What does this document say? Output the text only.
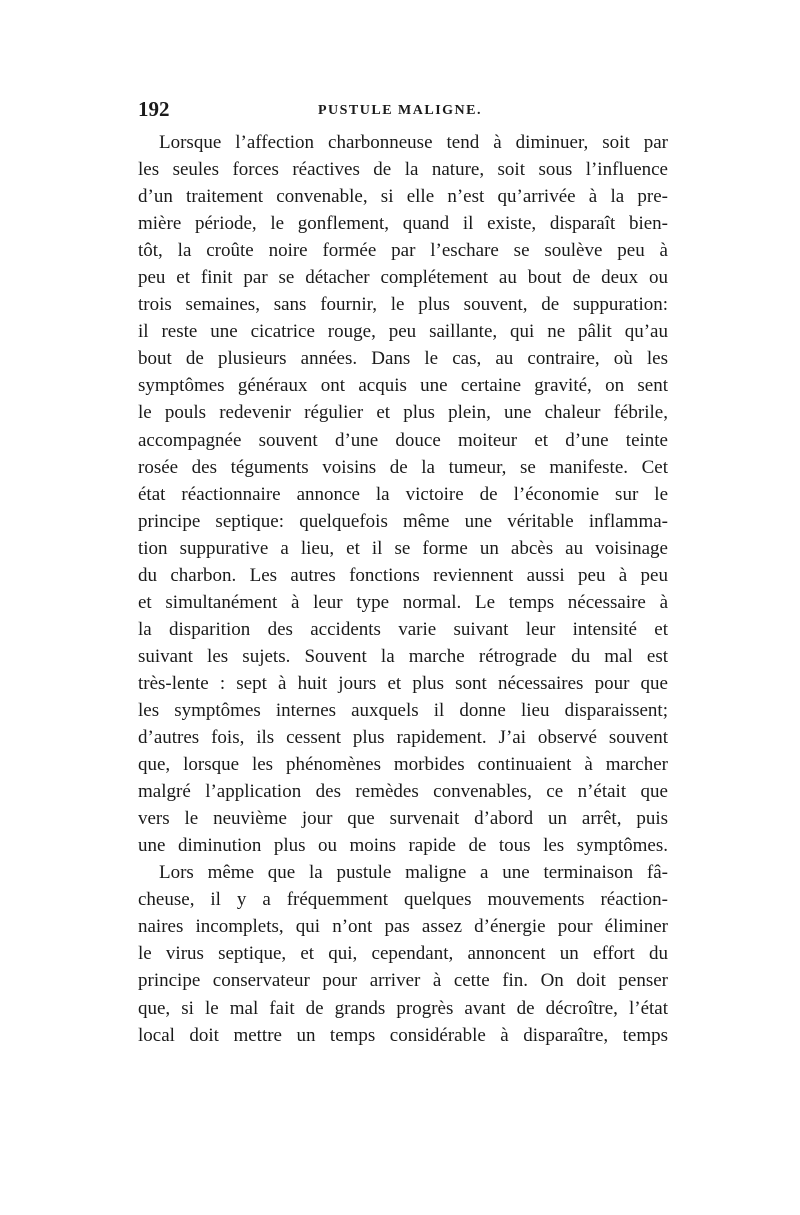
192	PUSTULE MALIGNE.
Lorsque l’affection charbonneuse tend à diminuer, soit par
les seules forces réactives de la nature, soit sous l’influence
d’un traitement convenable, si elle n’est qu’arrivée à la pre-
mière période, le gonflement, quand il existe, disparaît bien-
tôt, la croûte noire formée par l’eschare se soulève peu à
peu et finit par se détacher complétement au bout de deux ou
trois semaines, sans fournir, le plus souvent, de suppuration:
il reste une cicatrice rouge, peu saillante, qui ne pâlit qu’au
bout de plusieurs années. Dans le cas, au contraire, où les
symptômes généraux ont acquis une certaine gravité, on sent
le pouls redevenir régulier et plus plein, une chaleur fébrile,
accompagnée souvent d’une douce moiteur et d’une teinte
rosée des téguments voisins de la tumeur, se manifeste. Cet
état réactionnaire annonce la victoire de l’économie sur le
principe septique: quelquefois même une véritable inflamma-
tion suppurative a lieu, et il se forme un abcès au voisinage
du charbon. Les autres fonctions reviennent aussi peu à peu
et simultanément à leur type normal. Le temps nécessaire à
la disparition des accidents varie suivant leur intensité et
suivant les sujets. Souvent la marche rétrograde du mal est
très-lente : sept à huit jours et plus sont nécessaires pour que
les symptômes internes auxquels il donne lieu disparaissent;
d’autres fois, ils cessent plus rapidement. J’ai observé souvent
que, lorsque les phénomènes morbides continuaient à marcher
malgré l’application des remèdes convenables, ce n’était que
vers le neuvième jour que survenait d’abord un arrêt, puis
une diminution plus ou moins rapide de tous les symptômes.
Lors même que la pustule maligne a une terminaison fâ-
cheuse, il y a fréquemment quelques mouvements réaction-
naires incomplets, qui n’ont pas assez d’énergie pour éliminer
le virus septique, et qui, cependant, annoncent un effort du
principe conservateur pour arriver à cette fin. On doit penser
que, si le mal fait de grands progrès avant de décroître, l’état
local doit mettre un temps considérable à disparaître, temps
